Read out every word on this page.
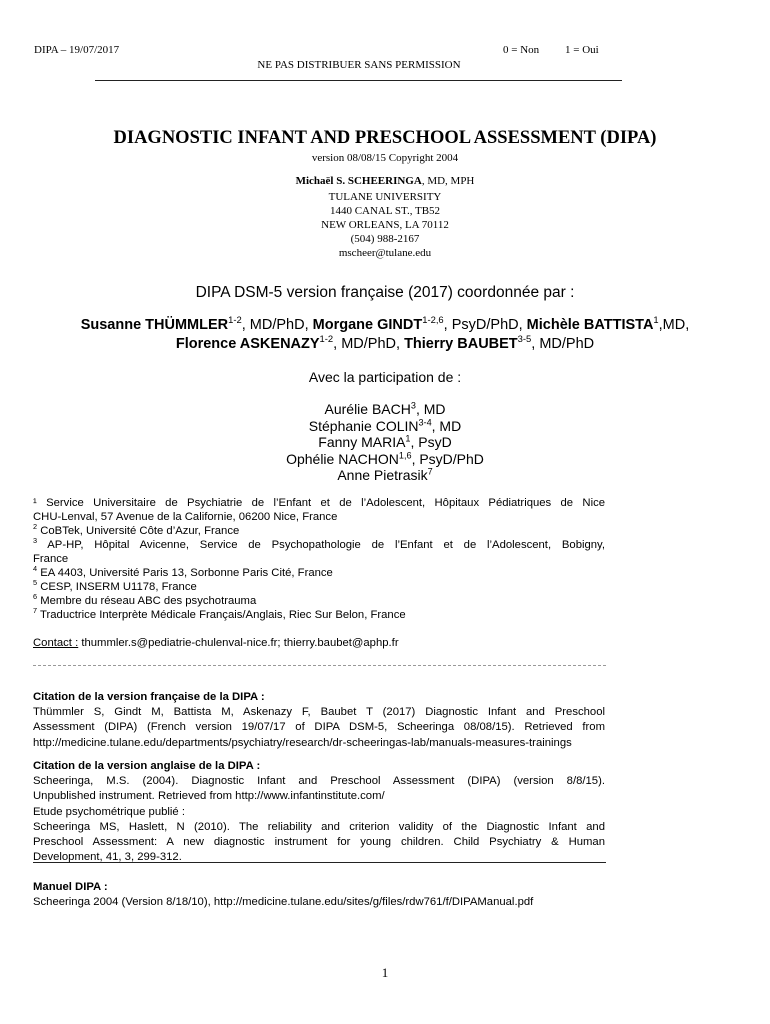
DIPA – 19/07/2017	0 = Non 1 = Oui
NE PAS DISTRIBUER SANS PERMISSION
DIAGNOSTIC INFANT AND PRESCHOOL ASSESSMENT (DIPA)
version 08/08/15 Copyright 2004
Michaël S. SCHEERINGA, MD, MPH
TULANE UNIVERSITY
1440 CANAL ST., TB52
NEW ORLEANS, LA 70112
(504) 988-2167
mscheer@tulane.edu
DIPA DSM-5 version française (2017) coordonnée par :
Susanne THÜMMLER$^{1-2}$, MD/PhD, Morgane GINDT$^{1-2,6}$, PsyD/PhD, Michèle BATTISTA$^1$,MD,
Florence ASKENAZY$^{1-2}$, MD/PhD, Thierry BAUBET$^{3-5}$, MD/PhD
Avec la participation de :
Aurélie BACH$^3$, MD
Stéphanie COLIN$^{3-4}$, MD
Fanny MARIA$^1$, PsyD
Ophélie NACHON$^{1,6}$, PsyD/PhD
Anne Pietrasik$^7$
¹ Service Universitaire de Psychiatrie de l’Enfant et de l’Adolescent, Hôpitaux Pédiatriques de Nice
CHU-Lenval, 57 Avenue de la Californie, 06200 Nice, France
$^2$ CoBTek, Université Côte d’Azur, France
$^3$ AP-HP, Hôpital Avicenne, Service de Psychopathologie de l’Enfant et de l’Adolescent, Bobigny,
France
$^4$ EA 4403, Université Paris 13, Sorbonne Paris Cité, France
$^5$ CESP, INSERM U1178, France
$^6$ Membre du réseau ABC des psychotrauma
$^7$ Traductrice Interprète Médicale Français/Anglais, Riec Sur Belon, France
Contact : thummler.s@pediatrie-chulenval-nice.fr; thierry.baubet@aphp.fr
Citation de la version française de la DIPA :
Thümmler S, Gindt M, Battista M, Askenazy F, Baubet T (2017) Diagnostic Infant and Preschool
Assessment (DIPA) (French version 19/07/17 of DIPA DSM-5, Scheeringa 08/08/15). Retrieved from
http://medicine.tulane.edu/departments/psychiatry/research/dr-scheeringas-lab/manuals-measures-trainings
Citation de la version anglaise de la DIPA :
Scheeringa, M.S. (2004). Diagnostic Infant and Preschool Assessment (DIPA) (version 8/8/15).
Unpublished instrument. Retrieved from http://www.infantinstitute.com/
Etude psychométrique publié :
Scheeringa MS, Haslett, N (2010). The reliability and criterion validity of the Diagnostic Infant and
Preschool Assessment: A new diagnostic instrument for young children. Child Psychiatry & Human
Development, 41, 3, 299-312.
Manuel DIPA :
Scheeringa 2004 (Version 8/18/10), http://medicine.tulane.edu/sites/g/files/rdw761/f/DIPAManual.pdf
1
